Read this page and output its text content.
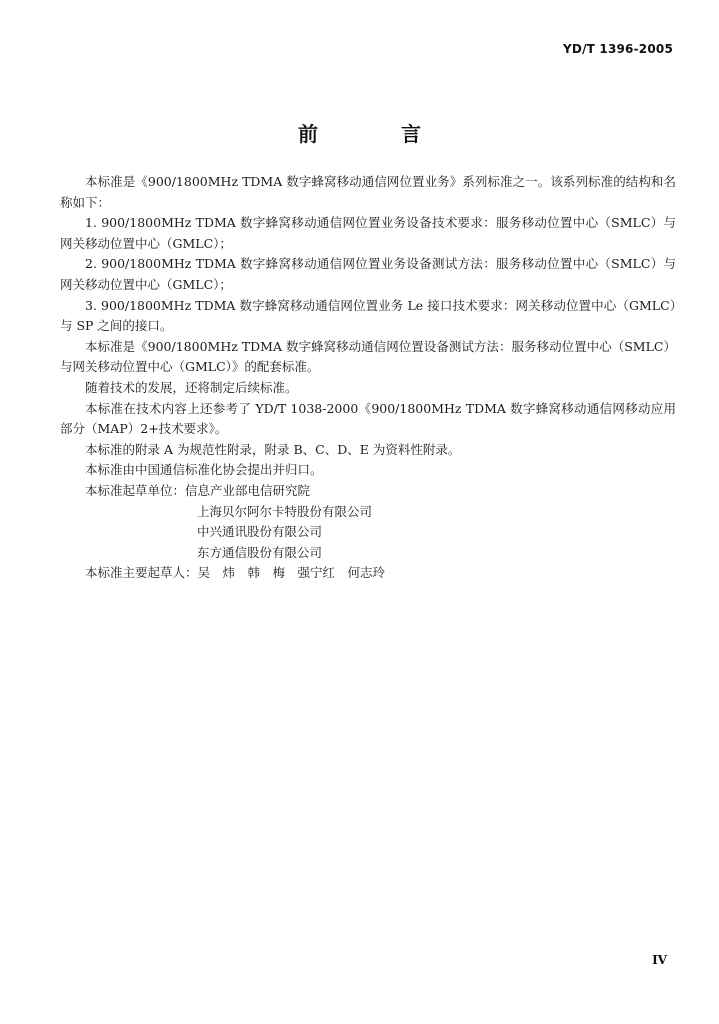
YD/T 1396-2005
前 言

本标准是《900/1800MHz TDMA 数字蜂窝移动通信网位置业务》系列标准之一。该系列标准的结构和名称如下：

1. 900/1800MHz TDMA 数字蜂窝移动通信网位置业务设备技术要求：服务移动位置中心（SMLC）与网关移动位置中心（GMLC）；

2. 900/1800MHz TDMA 数字蜂窝移动通信网位置业务设备测试方法：服务移动位置中心（SMLC）与网关移动位置中心（GMLC）；

3. 900/1800MHz TDMA 数字蜂窝移动通信网位置业务 Le 接口技术要求：网关移动位置中心（GMLC）与 SP 之间的接口。

本标准是《900/1800MHz TDMA 数字蜂窝移动通信网位置设备测试方法：服务移动位置中心（SMLC）与网关移动位置中心（GMLC）》的配套标准。

随着技术的发展，还将制定后续标准。

本标准在技术内容上还参考了 YD/T 1038-2000《900/1800MHz TDMA 数字蜂窝移动通信网移动应用部分（MAP）2+技术要求》。

本标准的附录 A 为规范性附录，附录 B、C、D、E 为资料性附录。

本标准由中国通信标准化协会提出并归口。

本标准起草单位： 信息产业部电信研究院
上海贝尔阿尔卡特股份有限公司
中兴通讯股份有限公司
东方通信股份有限公司
本标准主要起草人：吴　炜　韩　梅　强宁红　何志玲
IV
